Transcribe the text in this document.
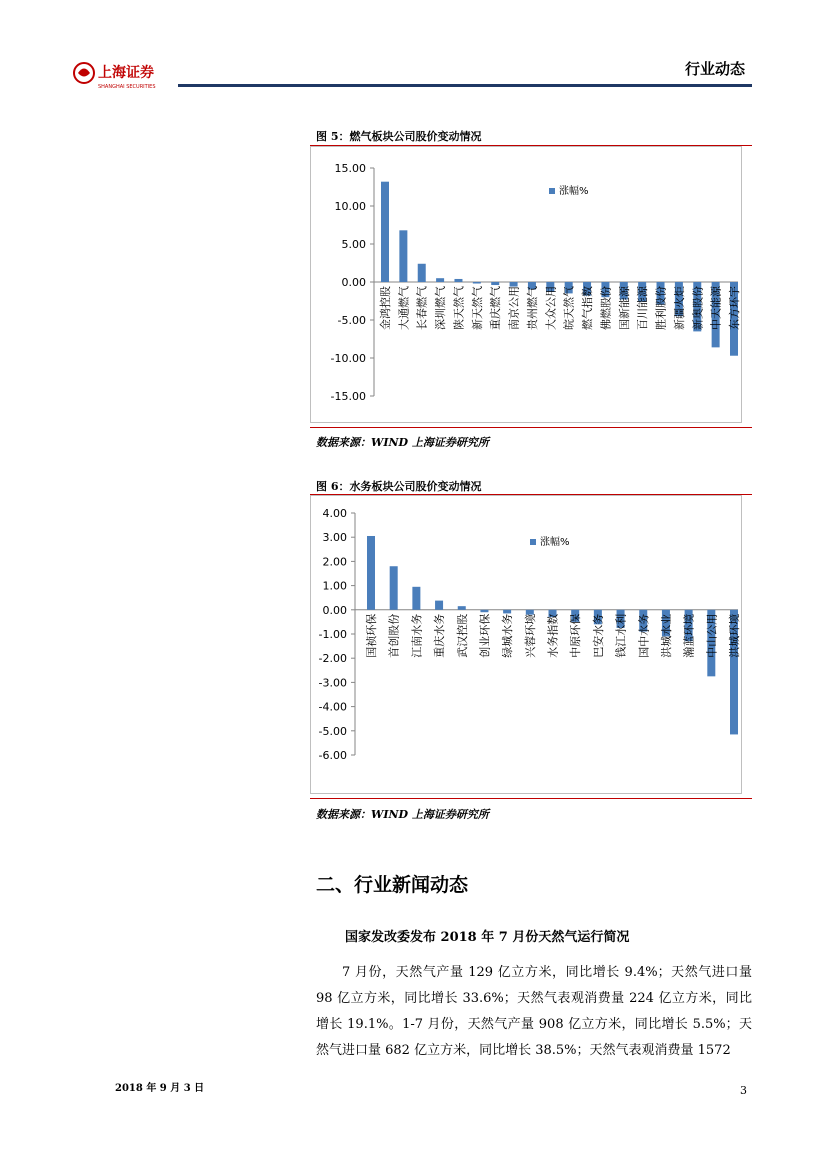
上海证券
SHANGHAI SECURITIES
行业动态
图 5：燃气板块公司股价变动情况
15.00
10.00
5.00
0.00
-5.00
-10.00
-15.00
金鸿控股 大通燃气 长春燃气 深圳燃气 陕天然气 新天然气 重庆燃气 南京公用 贵州燃气 大众公用 皖天然气 燃气指数 佛燃股份 国新能源 百川能源 胜利股份 新疆火炬 新奥股份 中天能源 东方环宇
涨幅%
数据来源：WIND 上海证券研究所
图 6：水务板块公司股价变动情况
4.00
3.00
2.00
1.00
0.00
-1.00
-2.00
-3.00
-4.00
-5.00
-6.00
国祯环保 首创股份 江南水务 重庆水务 武汉控股 创业环保 绿城水务 兴蓉环境 水务指数 中原环保 巴安水务 钱江水利 国中水务 洪城水业 瀚蓝环境 中山公用 洪城环境
涨幅%
数据来源：WIND 上海证券研究所
二、行业新闻动态
国家发改委发布 2018 年 7 月份天然气运行简况
7 月份，天然气产量 129 亿立方米，同比增长 9.4%；天然气进口量 98 亿立方米，同比增长 33.6%；天然气表观消费量 224 亿立方米，同比增长 19.1%。1-7 月份，天然气产量 908 亿立方米，同比增长 5.5%；天然气进口量 682 亿立方米，同比增长 38.5%；天然气表观消费量 1572
2018 年 9 月 3 日	3
